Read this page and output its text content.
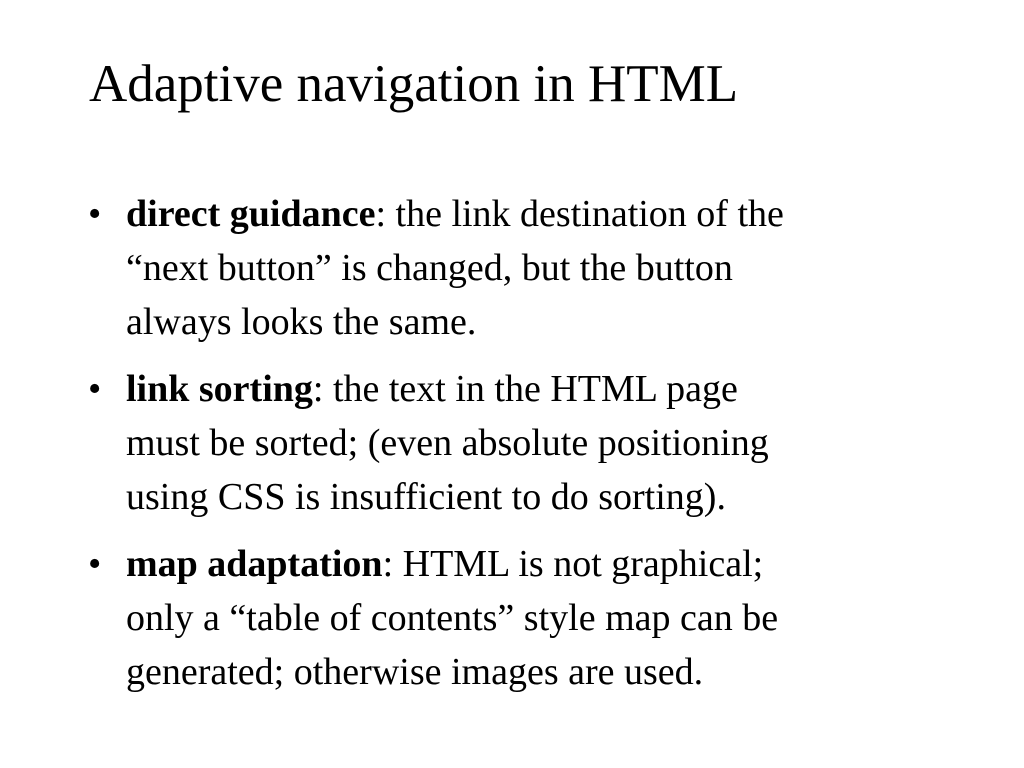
Adaptive navigation in HTML
• direct guidance: the link destination of the
“next button” is changed, but the button
always looks the same.

• link sorting: the text in the HTML page
must be sorted; (even absolute positioning
using CSS is insufficient to do sorting).

• map adaptation: HTML is not graphical;
only a “table of contents” style map can be
generated; otherwise images are used.
